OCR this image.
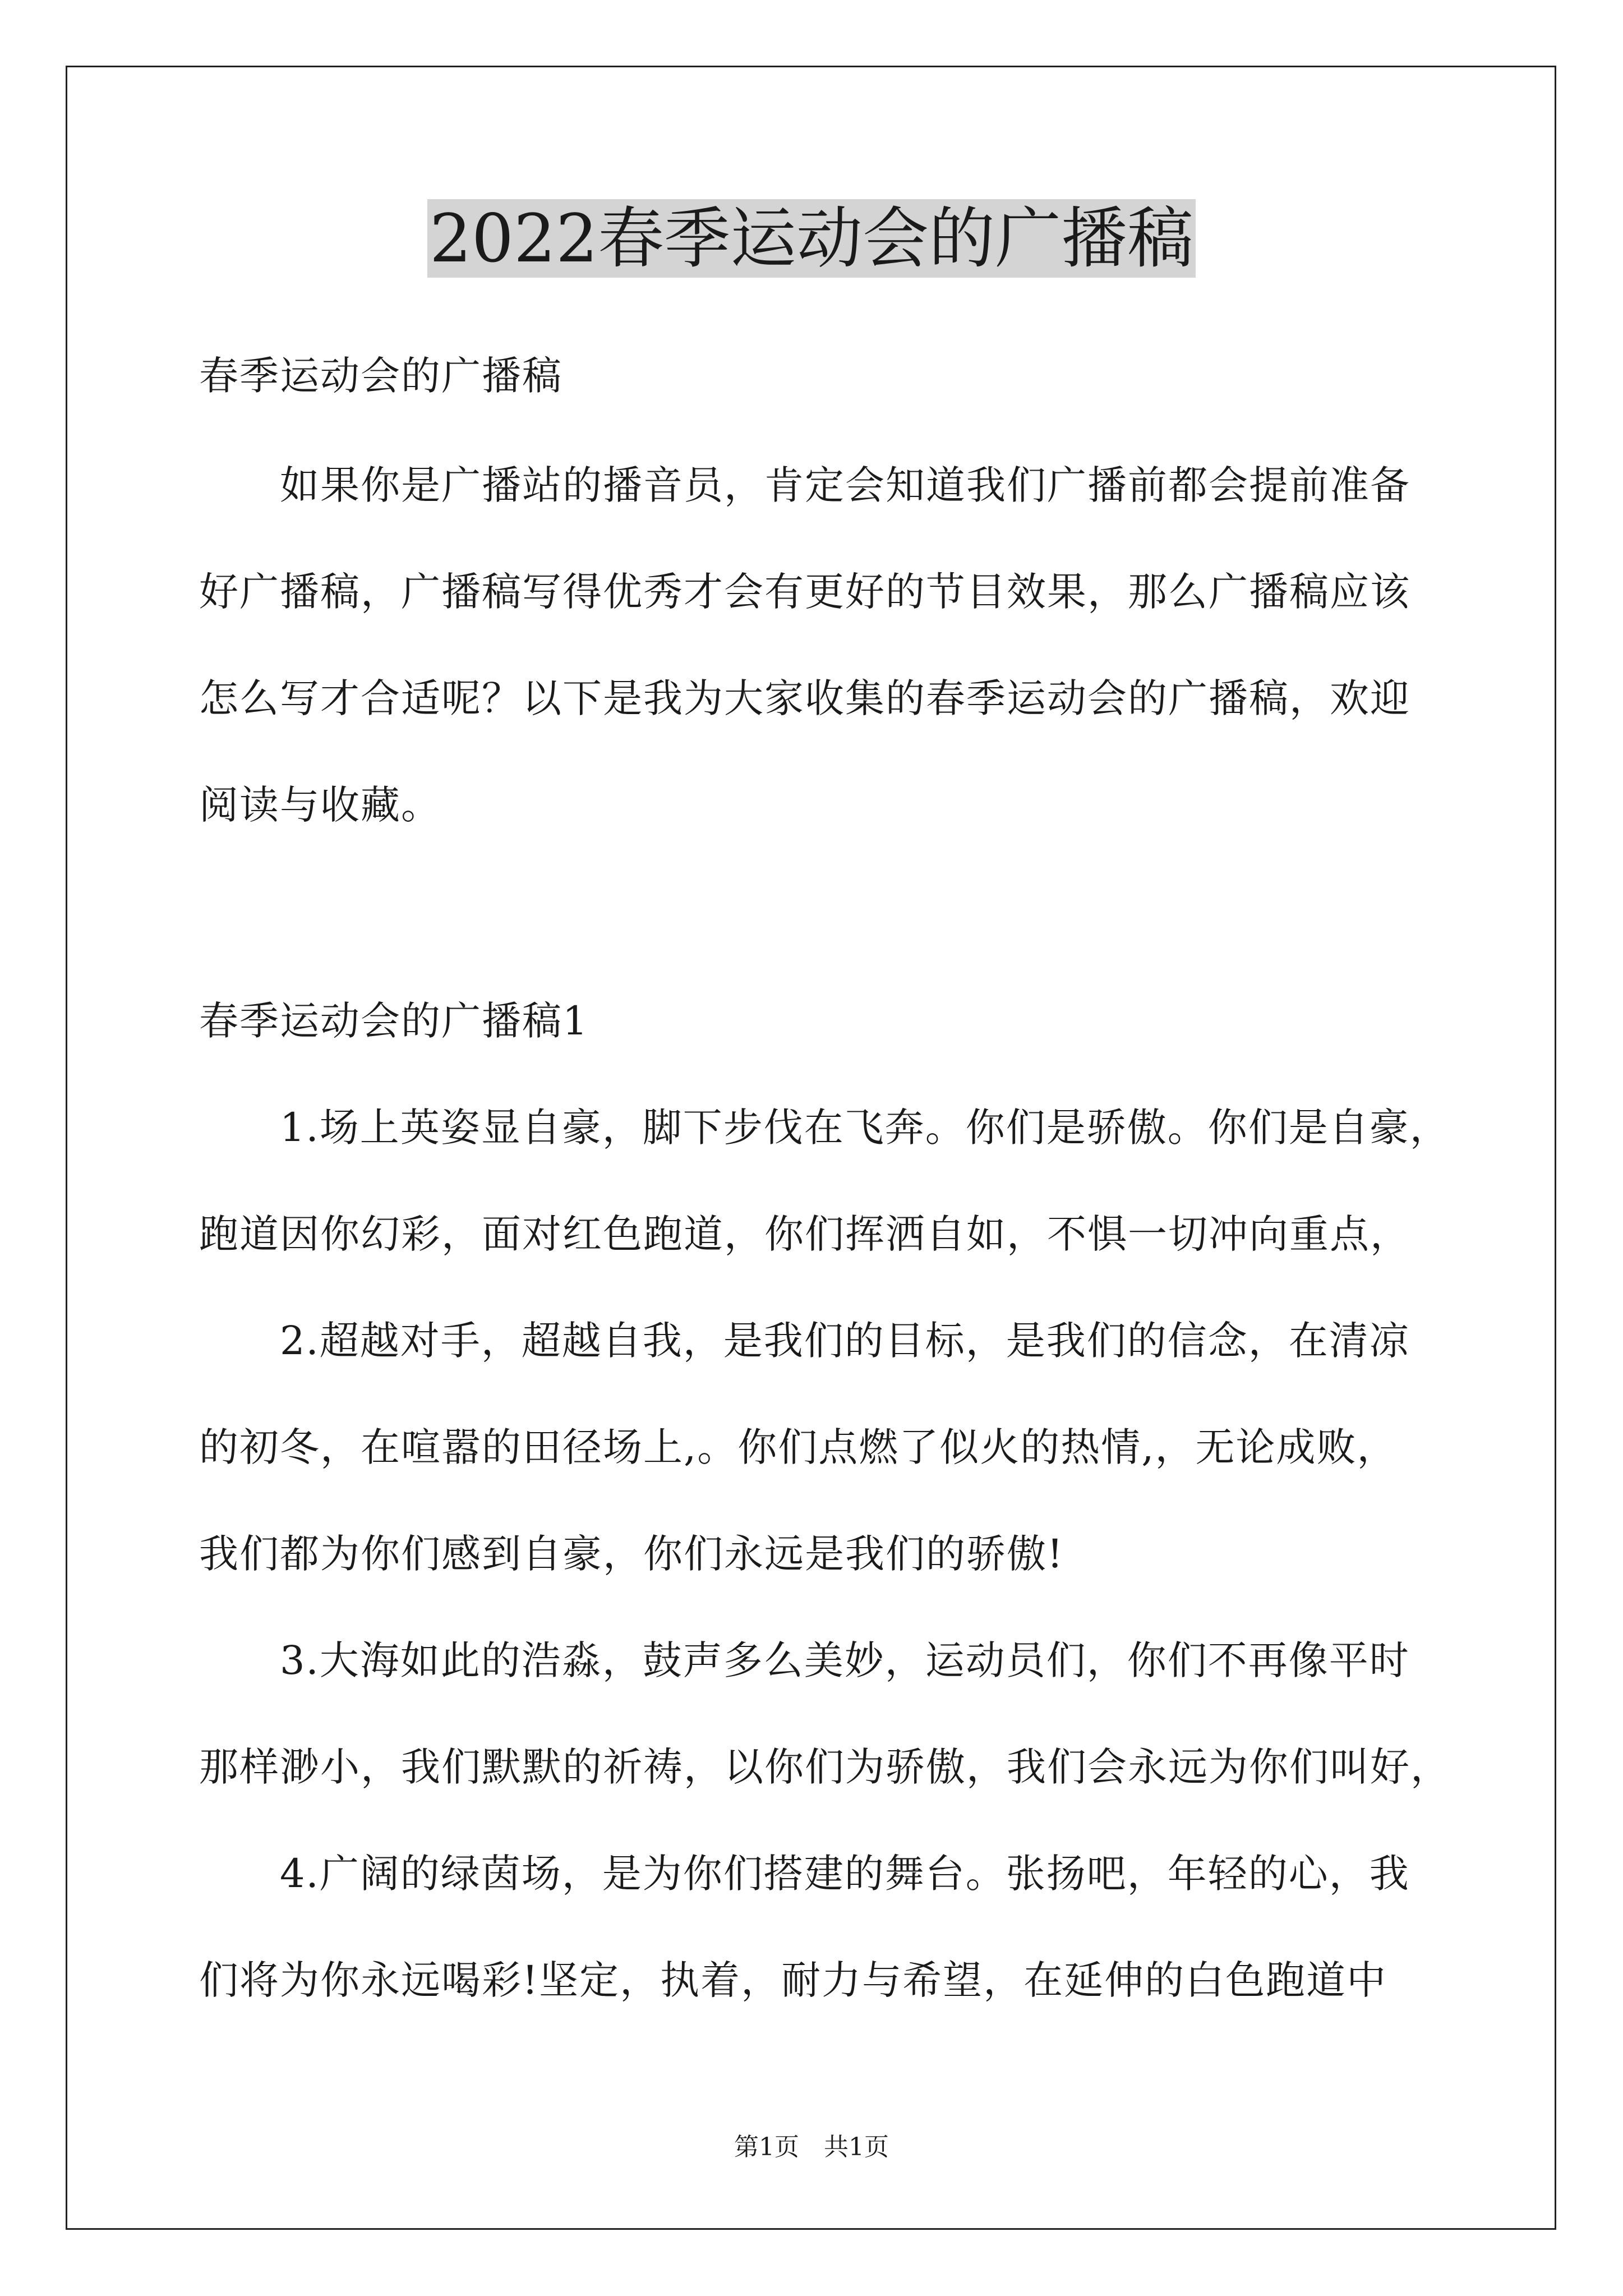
2022春季运动会的广播稿
春季运动会的广播稿
　　如果你是广播站的播音员，肯定会知道我们广播前都会提前准备
好广播稿，广播稿写得优秀才会有更好的节目效果，那么广播稿应该
怎么写才合适呢？以下是我为大家收集的春季运动会的广播稿，欢迎
阅读与收藏。
春季运动会的广播稿1
　　1.场上英姿显自豪，脚下步伐在飞奔。你们是骄傲。你们是自豪，
跑道因你幻彩，面对红色跑道，你们挥洒自如，不惧一切冲向重点，
　　2.超越对手，超越自我，是我们的目标，是我们的信念，在清凉
的初冬，在喧嚣的田径场上,。你们点燃了似火的热情,，无论成败，
我们都为你们感到自豪，你们永远是我们的骄傲!
　　3.大海如此的浩淼，鼓声多么美妙，运动员们，你们不再像平时
那样渺小，我们默默的祈祷，以你们为骄傲，我们会永远为你们叫好，
　　4.广阔的绿茵场，是为你们搭建的舞台。张扬吧，年轻的心，我
们将为你永远喝彩!坚定，执着，耐力与希望，在延伸的白色跑道中
第1页　共1页
